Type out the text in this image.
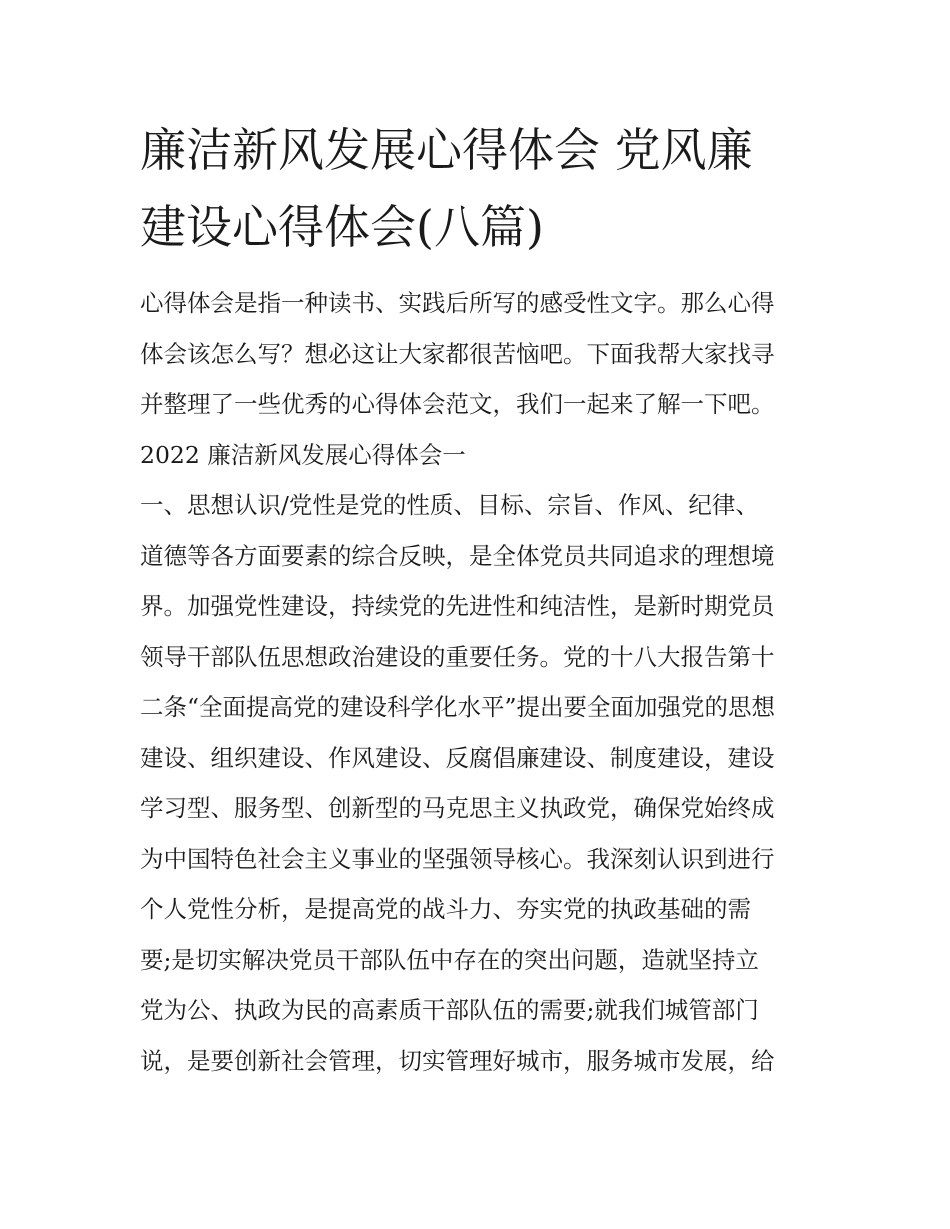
廉洁新风发展心得体会 党风廉
建设心得体会(八篇)
心得体会是指一种读书、实践后所写的感受性文字。那么心得
体会该怎么写？想必这让大家都很苦恼吧。下面我帮大家找寻
并整理了一些优秀的心得体会范文，我们一起来了解一下吧。
2022 廉洁新风发展心得体会一
一、思想认识/党性是党的性质、目标、宗旨、作风、纪律、
道德等各方面要素的综合反映，是全体党员共同追求的理想境
界。加强党性建设，持续党的先进性和纯洁性，是新时期党员
领导干部队伍思想政治建设的重要任务。党的十八大报告第十
二条“全面提高党的建设科学化水平”提出要全面加强党的思想
建设、组织建设、作风建设、反腐倡廉建设、制度建设，建设
学习型、服务型、创新型的马克思主义执政党，确保党始终成
为中国特色社会主义事业的坚强领导核心。我深刻认识到进行
个人党性分析，是提高党的战斗力、夯实党的执政基础的需
要;是切实解决党员干部队伍中存在的突出问题，造就坚持立
党为公、执政为民的高素质干部队伍的需要;就我们城管部门
说，是要创新社会管理，切实管理好城市，服务城市发展，给
